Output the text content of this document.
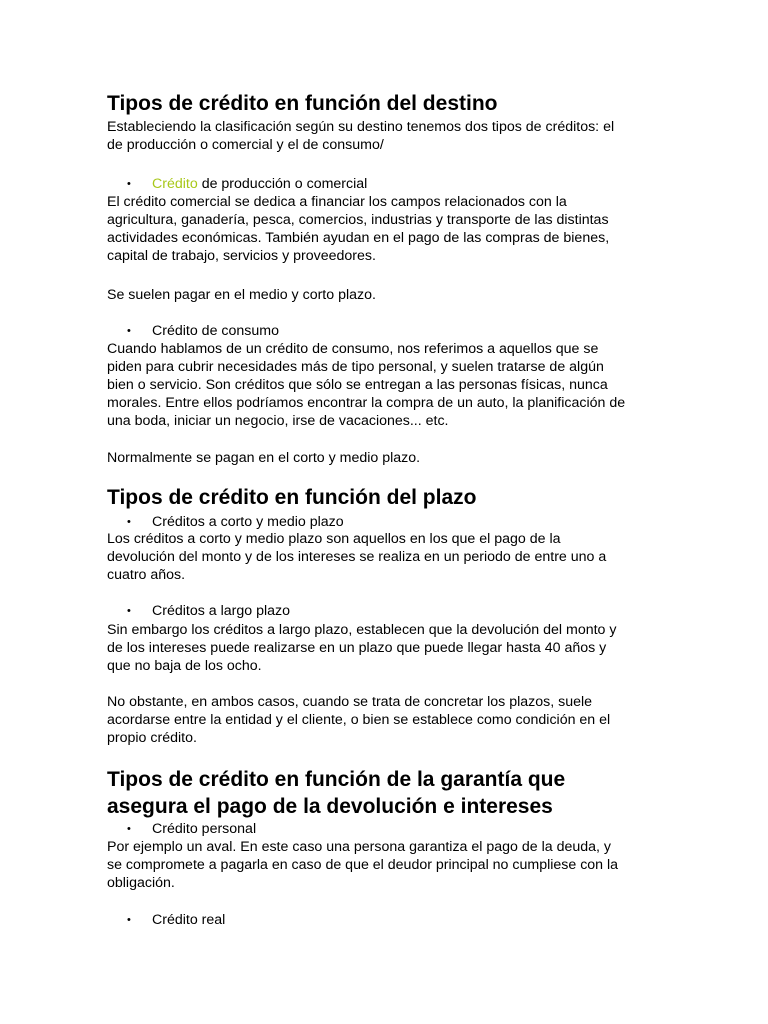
Tipos de crédito en función del destino
Estableciendo la clasificación según su destino tenemos dos tipos de créditos: el
de producción o comercial y el de consumo/
• Crédito de producción o comercial
El crédito comercial se dedica a financiar los campos relacionados con la
agricultura, ganadería, pesca, comercios, industrias y transporte de las distintas
actividades económicas. También ayudan en el pago de las compras de bienes,
capital de trabajo, servicios y proveedores.
Se suelen pagar en el medio y corto plazo.
• Crédito de consumo
Cuando hablamos de un crédito de consumo, nos referimos a aquellos que se
piden para cubrir necesidades más de tipo personal, y suelen tratarse de algún
bien o servicio. Son créditos que sólo se entregan a las personas físicas, nunca
morales. Entre ellos podríamos encontrar la compra de un auto, la planificación de
una boda, iniciar un negocio, irse de vacaciones... etc.
Normalmente se pagan en el corto y medio plazo.
Tipos de crédito en función del plazo
• Créditos a corto y medio plazo
Los créditos a corto y medio plazo son aquellos en los que el pago de la
devolución del monto y de los intereses se realiza en un periodo de entre uno a
cuatro años.
• Créditos a largo plazo
Sin embargo los créditos a largo plazo, establecen que la devolución del monto y
de los intereses puede realizarse en un plazo que puede llegar hasta 40 años y
que no baja de los ocho.
No obstante, en ambos casos, cuando se trata de concretar los plazos, suele
acordarse entre la entidad y el cliente, o bien se establece como condición en el
propio crédito.
Tipos de crédito en función de la garantía que
asegura el pago de la devolución e intereses
• Crédito personal
Por ejemplo un aval. En este caso una persona garantiza el pago de la deuda, y
se compromete a pagarla en caso de que el deudor principal no cumpliese con la
obligación.
• Crédito real
